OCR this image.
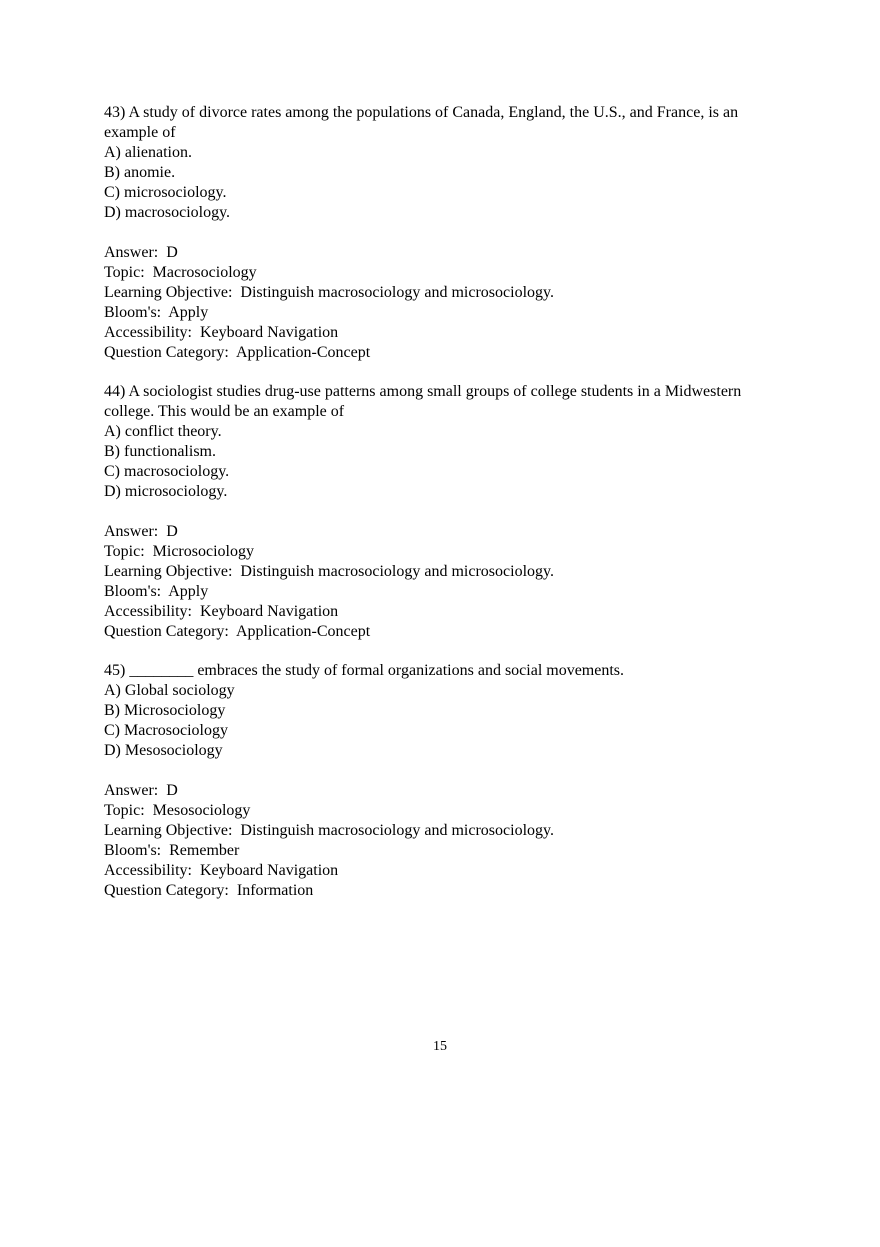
43) A study of divorce rates among the populations of Canada, England, the U.S., and France, is an example of

A) alienation.
B) anomie.
C) microsociology.
D) macrosociology.
Answer:  D
Topic:  Macrosociology
Learning Objective:  Distinguish macrosociology and microsociology.
Bloom's:  Apply
Accessibility:  Keyboard Navigation
Question Category:  Application-Concept

44) A sociologist studies drug-use patterns among small groups of college students in a Midwestern college. This would be an example of

A) conflict theory.
B) functionalism.
C) macrosociology.
D) microsociology.
Answer:  D
Topic:  Microsociology
Learning Objective:  Distinguish macrosociology and microsociology.
Bloom's:  Apply
Accessibility:  Keyboard Navigation
Question Category:  Application-Concept

45) ________ embraces the study of formal organizations and social movements.

A) Global sociology
B) Microsociology
C) Macrosociology
D) Mesosociology
Answer:  D
Topic:  Mesosociology
Learning Objective:  Distinguish macrosociology and microsociology.
Bloom's:  Remember
Accessibility:  Keyboard Navigation
Question Category:  Information
15
